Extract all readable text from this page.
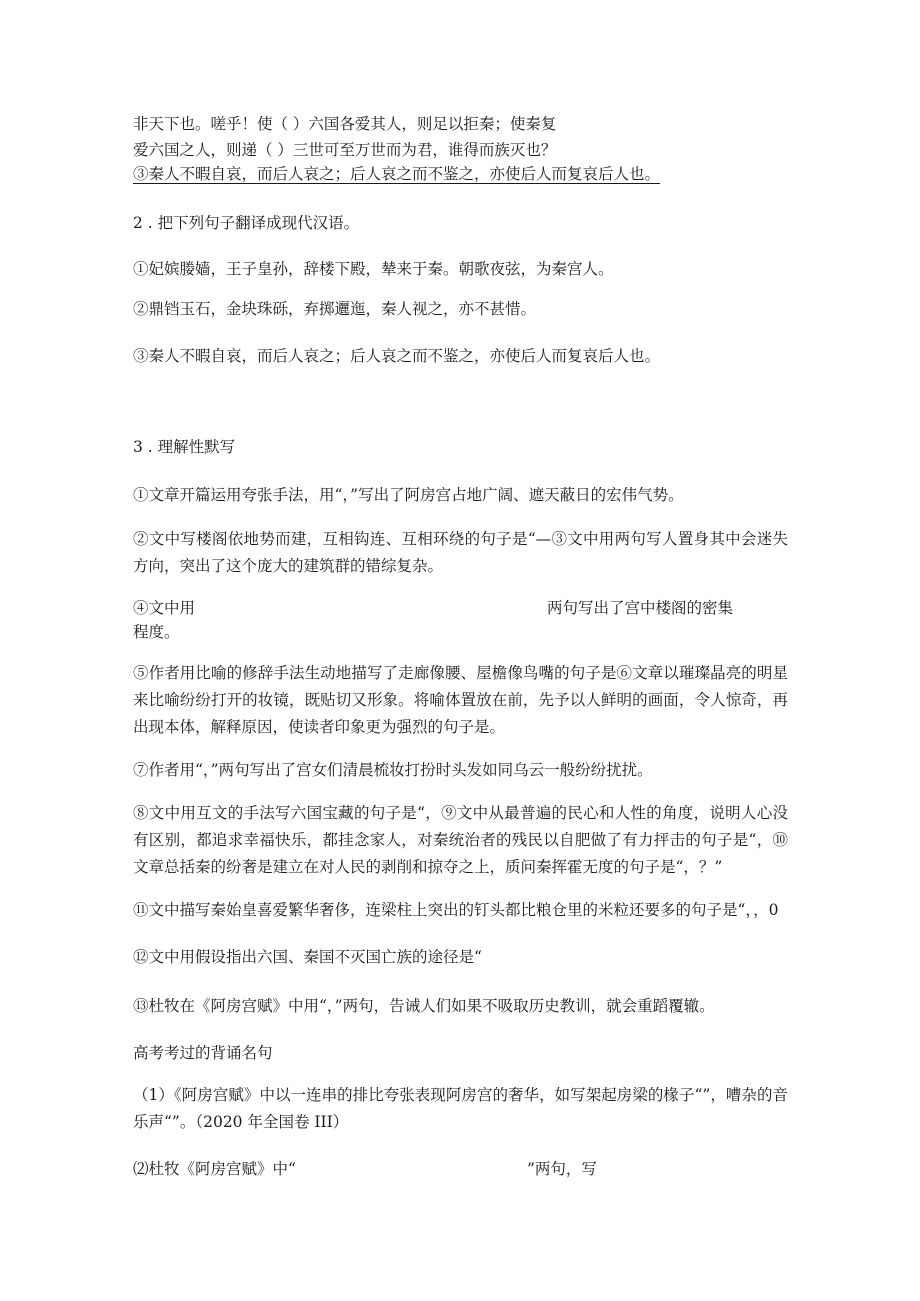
非天下也。嗟乎！使（ ）六国各爱其人，则足以拒秦；使秦复
爱六国之人，则递（ ）三世可至万世而为君，谁得而族灭也？
③秦人不暇自哀，而后人哀之；后人哀之而不鉴之，亦使后人而复哀后人也。
2 . 把下列句子翻译成现代汉语。
①妃嫔媵嫱，王子皇孙，辞楼下殿，辇来于秦。朝歌夜弦，为秦宫人。
②鼎铛玉石，金块珠砾，弃掷邐迤，秦人视之，亦不甚惜。
③秦人不暇自哀，而后人哀之；后人哀之而不鉴之，亦使后人而复哀后人也。
3 . 理解性默写
①文章开篇运用夸张手法，用“，”写出了阿房宫占地广阔、遮天蔽日的宏伟气势。
②文中写楼阁依地势而建，互相钩连、互相环绕的句子是“—③文中用两句写人置身其中会迷失方向，突出了这个庞大的建筑群的错综复杂。
④文中用	两句写出了宫中楼阁的密集
程度。
⑤作者用比喻的修辞手法生动地描写了走廊像腰、屋檐像鸟嘴的句子是⑥文章以璀璨晶亮的明星来比喻纷纷打开的妆镜，既贴切又形象。将喻体置放在前，先予以人鲜明的画面，令人惊奇，再出现本体，解释原因，使读者印象更为强烈的句子是。
⑦作者用“，”两句写出了宫女们清晨梳妆打扮时头发如同乌云一般纷纷扰扰。
⑧文中用互文的手法写六国宝藏的句子是“，⑨文中从最普遍的民心和人性的角度，说明人心没有区别，都追求幸福快乐，都挂念家人，对秦统治者的残民以自肥做了有力抨击的句子是“，⑩文章总括秦的纷奢是建立在对人民的剥削和掠夺之上，质问秦挥霍无度的句子是“，？”
⑪文中描写秦始皇喜爱繁华奢侈，连梁柱上突出的钉头都比粮仓里的米粒还要多的句子是“，，0
⑫文中用假设指出六国、秦国不灭国亡族的途径是“
⑬杜牧在《阿房宫赋》中用“，”两句，告诫人们如果不吸取历史教训，就会重蹈覆辙。
高考考过的背诵名句
（1）《阿房宫赋》中以一连串的排比夸张表现阿房宫的奢华，如写架起房梁的椽子“”，嘈杂的音乐声“”。（2020 年全国卷 III）
⑵杜牧《阿房宫赋》中“	”两句，写
